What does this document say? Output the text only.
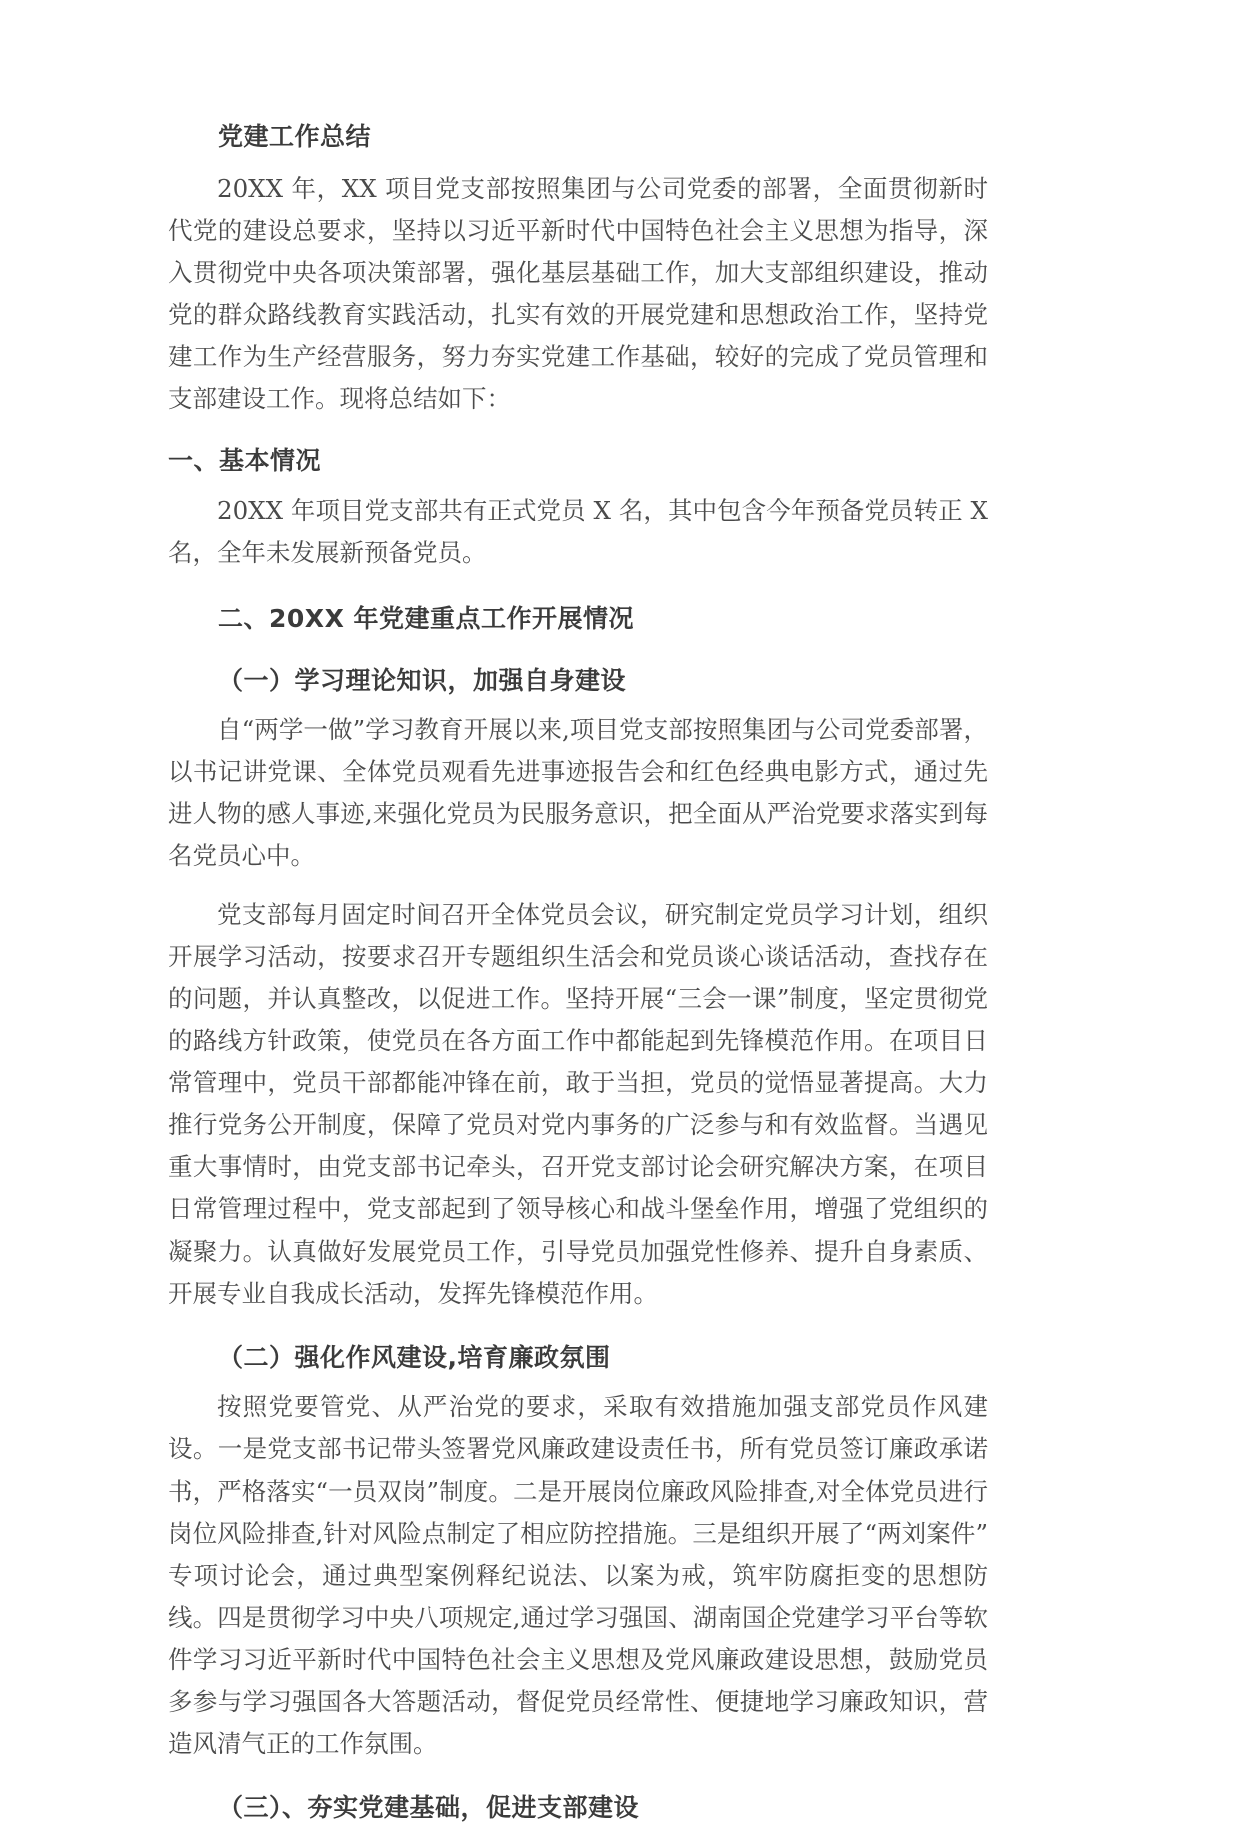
党建工作总结

20XX 年，XX 项目党支部按照集团与公司党委的部署，全面贯彻新时代党的建设总要求，坚持以习近平新时代中国特色社会主义思想为指导，深入贯彻党中央各项决策部署，强化基层基础工作，加大支部组织建设，推动党的群众路线教育实践活动，扎实有效的开展党建和思想政治工作，坚持党建工作为生产经营服务，努力夯实党建工作基础，较好的完成了党员管理和支部建设工作。现将总结如下：

一、基本情况

20XX 年项目党支部共有正式党员 X 名，其中包含今年预备党员转正 X 名，全年未发展新预备党员。

二、20XX 年党建重点工作开展情况
（一）学习理论知识，加强自身建设

自“两学一做”学习教育开展以来,项目党支部按照集团与公司党委部署，以书记讲党课、全体党员观看先进事迹报告会和红色经典电影方式，通过先进人物的感人事迹,来强化党员为民服务意识，把全面从严治党要求落实到每名党员心中。

党支部每月固定时间召开全体党员会议，研究制定党员学习计划，组织开展学习活动，按要求召开专题组织生活会和党员谈心谈话活动，查找存在的问题，并认真整改，以促进工作。坚持开展“三会一课”制度，坚定贯彻党的路线方针政策，使党员在各方面工作中都能起到先锋模范作用。在项目日常管理中，党员干部都能冲锋在前，敢于当担，党员的觉悟显著提高。大力推行党务公开制度，保障了党员对党内事务的广泛参与和有效监督。当遇见重大事情时，由党支部书记牵头，召开党支部讨论会研究解决方案，在项目日常管理过程中，党支部起到了领导核心和战斗堡垒作用，增强了党组织的凝聚力。认真做好发展党员工作，引导党员加强党性修养、提升自身素质、开展专业自我成长活动，发挥先锋模范作用。

（二）强化作风建设,培育廉政氛围

按照党要管党、从严治党的要求，采取有效措施加强支部党员作风建设。一是党支部书记带头签署党风廉政建设责任书，所有党员签订廉政承诺书，严格落实“一员双岗”制度。二是开展岗位廉政风险排查,对全体党员进行岗位风险排查,针对风险点制定了相应防控措施。三是组织开展了“两刘案件”专项讨论会，通过典型案例释纪说法、以案为戒，筑牢防腐拒变的思想防线。四是贯彻学习中央八项规定,通过学习强国、湖南国企党建学习平台等软件学习习近平新时代中国特色社会主义思想及党风廉政建设思想，鼓励党员多参与学习强国各大答题活动，督促党员经常性、便捷地学习廉政知识，营造风清气正的工作氛围。

（三）、夯实党建基础，促进支部建设
